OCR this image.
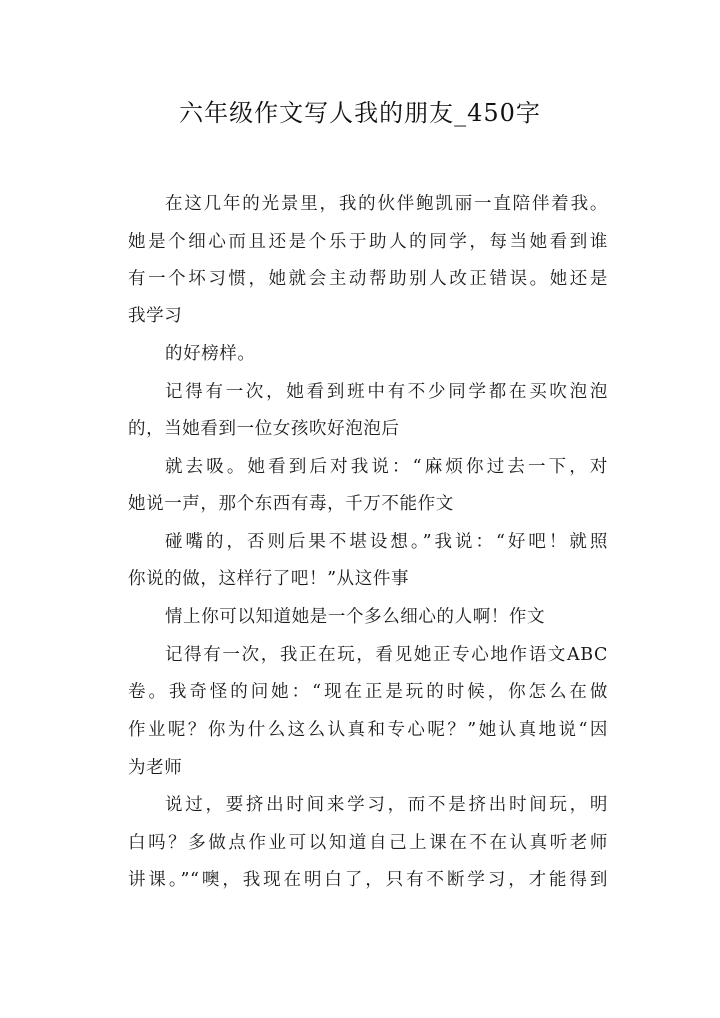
六年级作文写人我的朋友_450字
在这几年的光景里，我的伙伴鲍凯丽一直陪伴着我。
她是个细心而且还是个乐于助人的同学，每当她看到谁
有一个坏习惯，她就会主动帮助别人改正错误。她还是
我学习
的好榜样。
记得有一次，她看到班中有不少同学都在买吹泡泡
的，当她看到一位女孩吹好泡泡后
就去吸。她看到后对我说：“麻烦你过去一下，对
她说一声，那个东西有毒，千万不能作文
碰嘴的，否则后果不堪设想。”我说：“好吧！就照
你说的做，这样行了吧！”从这件事
情上你可以知道她是一个多么细心的人啊！作文
记得有一次，我正在玩，看见她正专心地作语文ABC
卷。我奇怪的问她：“现在正是玩的时候，你怎么在做
作业呢？你为什么这么认真和专心呢？”她认真地说“因
为老师
说过，要挤出时间来学习，而不是挤出时间玩，明
白吗？多做点作业可以知道自己上课在不在认真听老师
讲课。”“噢，我现在明白了，只有不断学习，才能得到
